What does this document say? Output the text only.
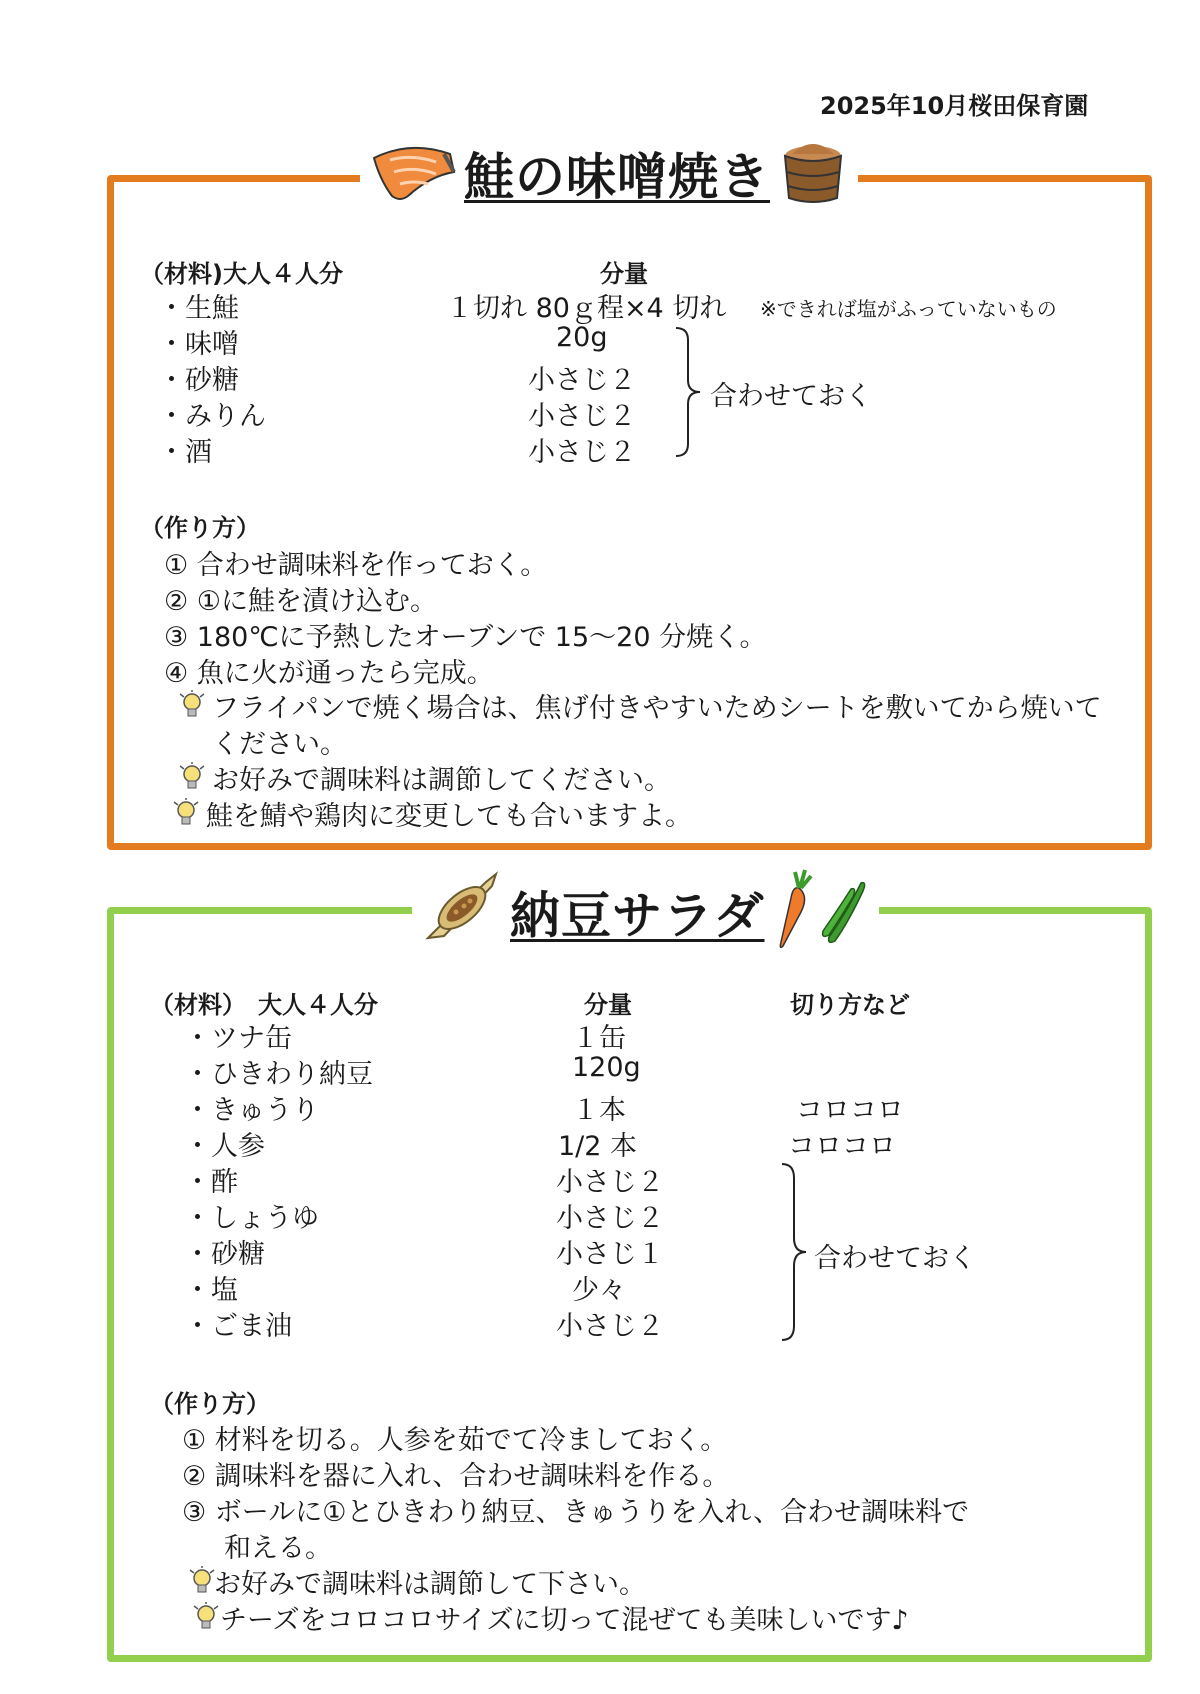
2025年10月桜田保育園
鮭の味噌焼き
（材料)大人４人分	分量
・生鮭	１切れ 80ｇ程×4 切れ ※できれば塩がふっていないもの
・味噌	20g
・砂糖	小さじ２
・みりん	小さじ２
・酒	小さじ２
合わせておく
（作り方）
① 合わせ調味料を作っておく。
② ①に鮭を漬け込む。
③ 180℃に予熱したオーブンで 15～20 分焼く。
④ 魚に火が通ったら完成。
フライパンで焼く場合は、焦げ付きやすいためシートを敷いてから焼いて
ください。
お好みで調味料は調節してください。
鮭を鯖や鶏肉に変更しても合いますよ。
納豆サラダ
（材料）　大人４人分	分量	切り方など
・ツナ缶	１缶
・ひきわり納豆	120g
・きゅうり	１本	コロコロ
・人参	1/2 本	コロコロ
・酢	小さじ２
・しょうゆ	小さじ２
・砂糖	小さじ１
・塩	少々
・ごま油	小さじ２
合わせておく
（作り方）
① 材料を切る。人参を茹でて冷ましておく。
② 調味料を器に入れ、合わせ調味料を作る。
③ ボールに①とひきわり納豆、きゅうりを入れ、合わせ調味料で
和える。
お好みで調味料は調節して下さい。
チーズをコロコロサイズに切って混ぜても美味しいです♪
